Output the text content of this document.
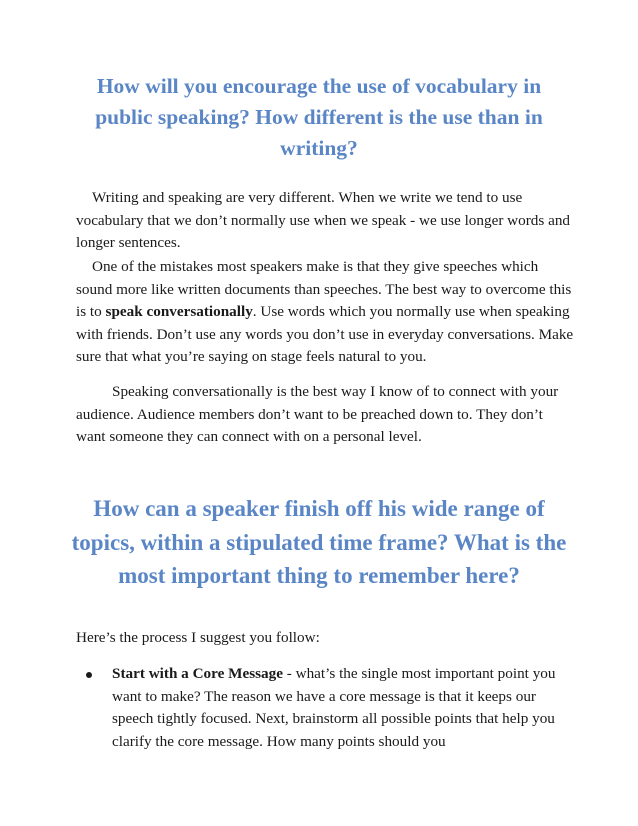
How will you encourage the use of vocabulary in public speaking? How different is the use than in writing?

Writing and speaking are very different. When we write we tend to use vocabulary that we don’t normally use when we speak - we use longer words and longer sentences.

One of the mistakes most speakers make is that they give speeches which sound more like written documents than speeches. The best way to overcome this is to speak conversationally. Use words which you normally use when speaking with friends. Don’t use any words you don’t use in everyday conversations. Make sure that what you’re saying on stage feels natural to you.

Speaking conversationally is the best way I know of to connect with your audience. Audience members don’t want to be preached down to. They don’t want someone they can connect with on a personal level.

How can a speaker finish off his wide range of topics, within a stipulated time frame? What is the most important thing to remember here?

Here’s the process I suggest you follow:

Start with a Core Message - what’s the single most important point you want to make? The reason we have a core message is that it keeps our speech tightly focused. Next, brainstorm all possible points that help you clarify the core message. How many points should you
